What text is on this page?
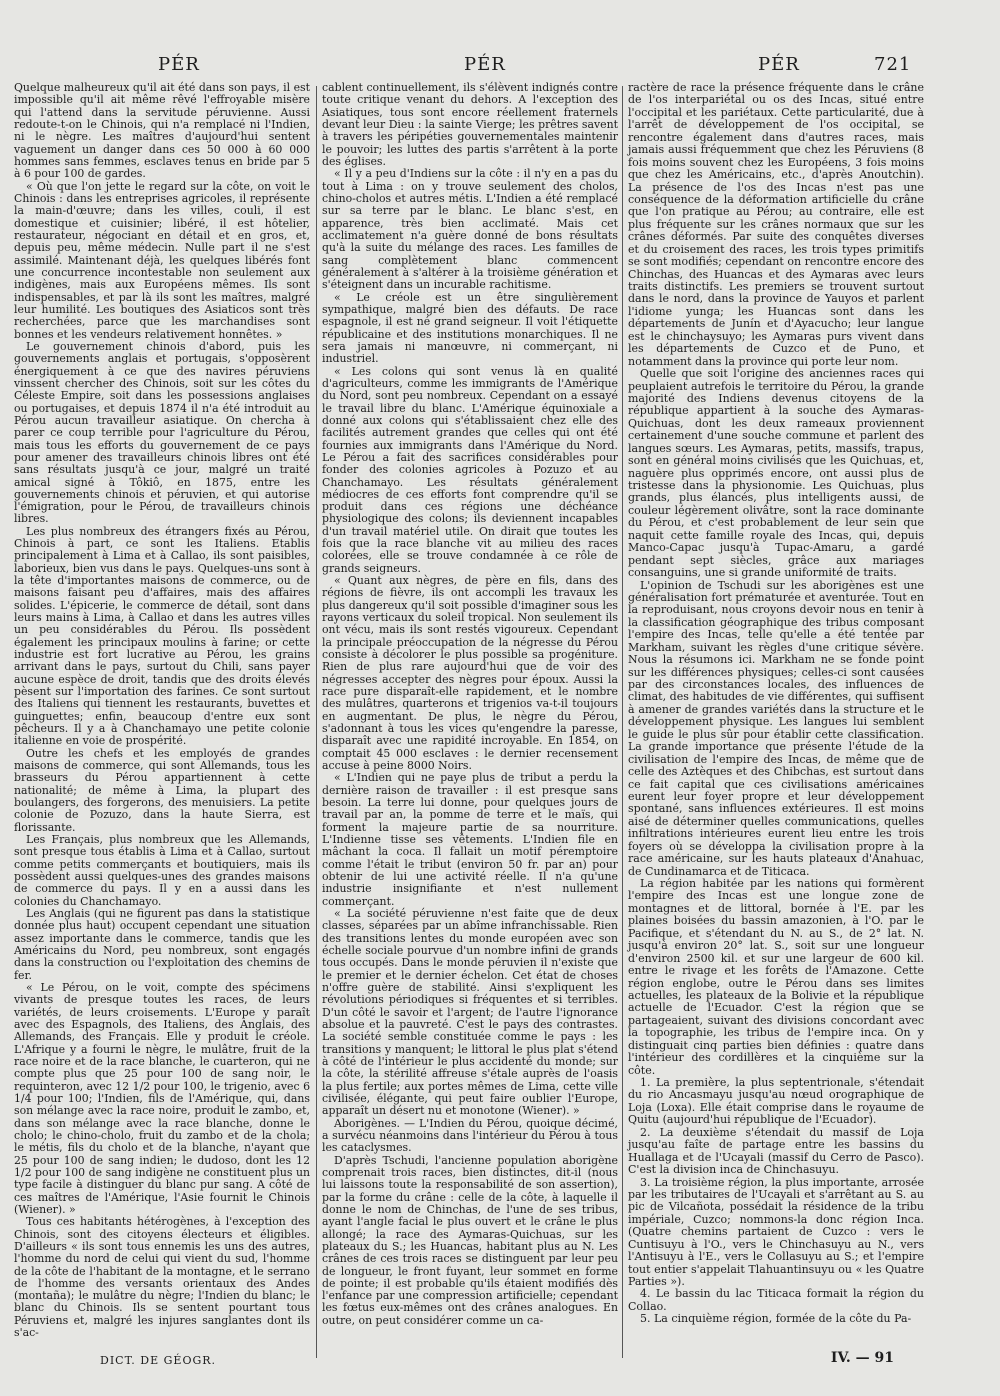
PÉR	PÉR	PÉR	721

Quelque malheureux qu'il ait été dans son pays, il est impossible qu'il ait même rêvé l'effroyable misère qui l'attend dans la servitude péruvienne. Aussi redoute-t-on le Chinois, qui n'a remplacé ni l'Indien, ni le nègre. Les maîtres d'aujourd'hui sentent vaguement un danger dans ces 50 000 à 60 000 hommes sans femmes, esclaves tenus en bride par 5 à 6 pour 100 de gardes.

« Où que l'on jette le regard sur la côte, on voit le Chinois : dans les entreprises agricoles, il représente la main-d'œuvre; dans les villes, couli, il est domestique et cuisinier; libéré, il est hôtelier, restaurateur, négociant en détail et en gros, et, depuis peu, même médecin. Nulle part il ne s'est assimilé. Maintenant déjà, les quelques libérés font une concurrence incontestable non seulement aux indigènes, mais aux Européens mêmes. Ils sont indispensables, et par là ils sont les maîtres, malgré leur humilité. Les boutiques des Asiaticos sont très recherchées, parce que les marchandises sont bonnes et les vendeurs relativement honnêtes. »

Le gouvernement chinois d'abord, puis les gouvernements anglais et portugais, s'opposèrent énergiquement à ce que des navires péruviens vinssent chercher des Chinois, soit sur les côtes du Céleste Empire, soit dans les possessions anglaises ou portugaises, et depuis 1874 il n'a été introduit au Pérou aucun travailleur asiatique. On chercha à parer ce coup terrible pour l'agriculture du Pérou, mais tous les efforts du gouvernement de ce pays pour amener des travailleurs chinois libres ont été sans résultats jusqu'à ce jour, malgré un traité amical signé à Tôkiô, en 1875, entre les gouvernements chinois et péruvien, et qui autorise l'émigration, pour le Pérou, de travailleurs chinois libres.

Les plus nombreux des étrangers fixés au Pérou, Chinois à part, ce sont les Italiens. Etablis principalement à Lima et à Callao, ils sont paisibles, laborieux, bien vus dans le pays. Quelques-uns sont à la tête d'importantes maisons de commerce, ou de maisons faisant peu d'affaires, mais des affaires solides. L'épicerie, le commerce de détail, sont dans leurs mains à Lima, à Callao et dans les autres villes un peu considérables du Pérou. Ils possèdent également les principaux moulins à farine; or cette industrie est fort lucrative au Pérou, les grains arrivant dans le pays, surtout du Chili, sans payer aucune espèce de droit, tandis que des droits élevés pèsent sur l'importation des farines. Ce sont surtout des Italiens qui tiennent les restaurants, buvettes et guinguettes; enfin, beaucoup d'entre eux sont pêcheurs. Il y a à Chanchamayo une petite colonie italienne en voie de prospérité.

Outre les chefs et les employés de grandes maisons de commerce, qui sont Allemands, tous les brasseurs du Pérou appartiennent à cette nationalité; de même à Lima, la plupart des boulangers, des forgerons, des menuisiers. La petite colonie de Pozuzo, dans la haute Sierra, est florissante.

Les Français, plus nombreux que les Allemands, sont presque tous établis à Lima et à Callao, surtout comme petits commerçants et boutiquiers, mais ils possèdent aussi quelques-unes des grandes maisons de commerce du pays. Il y en a aussi dans les colonies du Chanchamayo.

Les Anglais (qui ne figurent pas dans la statistique donnée plus haut) occupent cependant une situation assez importante dans le commerce, tandis que les Américains du Nord, peu nombreux, sont engagés dans la construction ou l'exploitation des chemins de fer.

« Le Pérou, on le voit, compte des spécimens vivants de presque toutes les races, de leurs variétés, de leurs croisements. L'Europe y paraît avec des Espagnols, des Italiens, des Anglais, des Allemands, des Français. Elle y produit le créole. L'Afrique y a fourni le nègre, le mulâtre, fruit de la race noire et de la race blanche, le cuarteron, qui ne compte plus que 25 pour 100 de sang noir, le requinteron, avec 12 1/2 pour 100, le trigenio, avec 6 1/4 pour 100; l'Indien, fils de l'Amérique, qui, dans son mélange avec la race noire, produit le zambo, et, dans son mélange avec la race blanche, donne le cholo; le chino-cholo, fruit du zambo et de la chola; le métis, fils du cholo et de la blanche, n'ayant que 25 pour 100 de sang indien; le dudoso, dont les 12 1/2 pour 100 de sang indigène ne constituent plus un type facile à distinguer du blanc pur sang. A côté de ces maîtres de l'Amérique, l'Asie fournit le Chinois (Wiener). »

Tous ces habitants hétérogènes, à l'exception des Chinois, sont des citoyens électeurs et éligibles. D'ailleurs « ils sont tous ennemis les uns des autres, l'homme du nord de celui qui vient du sud, l'homme de la côte de l'habitant de la montagne, et le serrano de l'homme des versants orientaux des Andes (montaña); le mulâtre du nègre; l'Indien du blanc; le blanc du Chinois. Ils se sentent pourtant tous Péruviens et, malgré les injures sanglantes dont ils s'ac-

cablent continuellement, ils s'élèvent indignés contre toute critique venant du dehors. A l'exception des Asiatiques, tous sont encore réellement fraternels devant leur Dieu : la sainte Vierge; les prêtres savent à travers les péripéties gouvernementales maintenir le pouvoir; les luttes des partis s'arrêtent à la porte des églises.

« Il y a peu d'Indiens sur la côte : il n'y en a pas du tout à Lima : on y trouve seulement des cholos, chino-cholos et autres métis. L'Indien a été remplacé sur sa terre par le blanc. Le blanc s'est, en apparence, très bien acclimaté. Mais cet acclimatement n'a guère donné de bons résultats qu'à la suite du mélange des races. Les familles de sang complètement blanc commencent généralement à s'altérer à la troisième génération et s'éteignent dans un incurable rachitisme.

« Le créole est un être singulièrement sympathique, malgré bien des défauts. De race espagnole, il est né grand seigneur. Il voit l'étiquette républicaine et des institutions monarchiques. Il ne sera jamais ni manœuvre, ni commerçant, ni industriel.

« Les colons qui sont venus là en qualité d'agriculteurs, comme les immigrants de l'Amérique du Nord, sont peu nombreux. Cependant on a essayé le travail libre du blanc. L'Amérique équinoxiale a donné aux colons qui s'établissaient chez elle des facilités autrement grandes que celles qui ont été fournies aux immigrants dans l'Amérique du Nord. Le Pérou a fait des sacrifices considérables pour fonder des colonies agricoles à Pozuzo et au Chanchamayo. Les résultats généralement médiocres de ces efforts font comprendre qu'il se produit dans ces régions une déchéance physiologique des colons; ils deviennent incapables d'un travail matériel utile. On dirait que toutes les fois que la race blanche vit au milieu des races colorées, elle se trouve condamnée à ce rôle de grands seigneurs.

« Quant aux nègres, de père en fils, dans des régions de fièvre, ils ont accompli les travaux les plus dangereux qu'il soit possible d'imaginer sous les rayons verticaux du soleil tropical. Non seulement ils ont vécu, mais ils sont restés vigoureux. Cependant la principale préoccupation de la négresse du Pérou consiste à décolorer le plus possible sa progéniture. Rien de plus rare aujourd'hui que de voir des négresses accepter des nègres pour époux. Aussi la race pure disparaît-elle rapidement, et le nombre des mulâtres, quarterons et trigenios va-t-il toujours en augmentant. De plus, le nègre du Pérou, s'adonnant à tous les vices qu'engendre la paresse, disparaît avec une rapidité incroyable. En 1854, on comptait 45 000 esclaves : le dernier recensement accuse à peine 8000 Noirs.

« L'Indien qui ne paye plus de tribut a perdu la dernière raison de travailler : il est presque sans besoin. La terre lui donne, pour quelques jours de travail par an, la pomme de terre et le maïs, qui forment la majeure partie de sa nourriture. L'Indienne tisse ses vêtements. L'Indien file en mâchant la coca. Il fallait un motif péremptoire comme l'était le tribut (environ 50 fr. par an) pour obtenir de lui une activité réelle. Il n'a qu'une industrie insignifiante et n'est nullement commerçant.

« La société péruvienne n'est faite que de deux classes, séparées par un abîme infranchissable. Rien des transitions lentes du monde européen avec son échelle sociale pourvue d'un nombre infini de grands tous occupés. Dans le monde péruvien il n'existe que le premier et le dernier échelon. Cet état de choses n'offre guère de stabilité. Ainsi s'expliquent les révolutions périodiques si fréquentes et si terribles. D'un côté le savoir et l'argent; de l'autre l'ignorance absolue et la pauvreté. C'est le pays des contrastes. La société semble constituée comme le pays : les transitions y manquent; le littoral le plus plat s'étend à côté de l'intérieur le plus accidenté du monde; sur la côte, la stérilité affreuse s'étale auprès de l'oasis la plus fertile; aux portes mêmes de Lima, cette ville civilisée, élégante, qui peut faire oublier l'Europe, apparaît un désert nu et monotone (Wiener). »

Aborigènes. — L'Indien du Pérou, quoique décimé, a survécu néanmoins dans l'intérieur du Pérou à tous les cataclysmes.

D'après Tschudi, l'ancienne population aborigène comprenait trois races, bien distinctes, dit-il (nous lui laissons toute la responsabilité de son assertion), par la forme du crâne : celle de la côte, à laquelle il donne le nom de Chinchas, de l'une de ses tribus, ayant l'angle facial le plus ouvert et le crâne le plus allongé; la race des Aymaras-Quichuas, sur les plateaux du S.; les Huancas, habitant plus au N. Les crânes de ces trois races se distinguent par leur peu de longueur, le front fuyant, leur sommet en forme de pointe; il est probable qu'ils étaient modifiés dès l'enfance par une compression artificielle; cependant les fœtus eux-mêmes ont des crânes analogues. En outre, on peut considérer comme un ca-

ractère de race la présence fréquente dans le crâne de l'os interpariétal ou os des Incas, situé entre l'occipital et les pariétaux. Cette particularité, due à l'arrêt de développement de l'os occipital, se rencontre également dans d'autres races, mais jamais aussi fréquemment que chez les Péruviens (8 fois moins souvent chez les Européens, 3 fois moins que chez les Américains, etc., d'après Anoutchin). La présence de l'os des Incas n'est pas une conséquence de la déformation artificielle du crâne que l'on pratique au Pérou; au contraire, elle est plus fréquente sur les crânes normaux que sur les crânes déformés. Par suite des conquêtes diverses et du croisement des races, les trois types primitifs se sont modifiés; cependant on rencontre encore des Chinchas, des Huancas et des Aymaras avec leurs traits distinctifs. Les premiers se trouvent surtout dans le nord, dans la province de Yauyos et parlent l'idiome yunga; les Huancas sont dans les départements de Junín et d'Ayacucho; leur langue est le chinchaysuyo; les Aymaras purs vivent dans les départements de Cuzco et de Puno, et notamment dans la province qui porte leur nom.

Quelle que soit l'origine des anciennes races qui peuplaient autrefois le territoire du Pérou, la grande majorité des Indiens devenus citoyens de la république appartient à la souche des Aymaras-Quichuas, dont les deux rameaux proviennent certainement d'une souche commune et parlent des langues sœurs. Les Aymaras, petits, massifs, trapus, sont en général moins civilisés que les Quichuas, et, naguère plus opprimés encore, ont aussi plus de tristesse dans la physionomie. Les Quichuas, plus grands, plus élancés, plus intelligents aussi, de couleur légèrement olivâtre, sont la race dominante du Pérou, et c'est probablement de leur sein que naquit cette famille royale des Incas, qui, depuis Manco-Capac jusqu'à Tupac-Amaru, a gardé pendant sept siècles, grâce aux mariages consanguins, une si grande uniformité de traits.

L'opinion de Tschudi sur les aborigènes est une généralisation fort prématurée et aventurée. Tout en la reproduisant, nous croyons devoir nous en tenir à la classification géographique des tribus composant l'empire des Incas, telle qu'elle a été tentée par Markham, suivant les règles d'une critique sévère. Nous la résumons ici. Markham ne se fonde point sur les différences physiques; celles-ci sont causées par des circonstances locales, des influences de climat, des habitudes de vie différentes, qui suffisent à amener de grandes variétés dans la structure et le développement physique. Les langues lui semblent le guide le plus sûr pour établir cette classification. La grande importance que présente l'étude de la civilisation de l'empire des Incas, de même que de celle des Aztèques et des Chibchas, est surtout dans ce fait capital que ces civilisations américaines eurent leur foyer propre et leur développement spontané, sans influences extérieures. Il est moins aisé de déterminer quelles communications, quelles infiltrations intérieures eurent lieu entre les trois foyers où se développa la civilisation propre à la race américaine, sur les hauts plateaux d'Anahuac, de Cundinamarca et de Titicaca.

La région habitée par les nations qui formèrent l'empire des Incas est une longue zone de montagnes et de littoral, bornée à l'E. par les plaines boisées du bassin amazonien, à l'O. par le Pacifique, et s'étendant du N. au S., de 2° lat. N. jusqu'à environ 20° lat. S., soit sur une longueur d'environ 2500 kil. et sur une largeur de 600 kil. entre le rivage et les forêts de l'Amazone. Cette région englobe, outre le Pérou dans ses limites actuelles, les plateaux de la Bolivie et la république actuelle de l'Ecuador. C'est la région que se partageaient, suivant des divisions concordant avec la topographie, les tribus de l'empire inca. On y distinguait cinq parties bien définies : quatre dans l'intérieur des cordillères et la cinquième sur la côte.

1. La première, la plus septentrionale, s'étendait du rio Ancasmayu jusqu'au nœud orographique de Loja (Loxa). Elle était comprise dans le royaume de Quitu (aujourd'hui république de l'Ecuador).

2. La deuxième s'étendait du massif de Loja jusqu'au faîte de partage entre les bassins du Huallaga et de l'Ucayali (massif du Cerro de Pasco). C'est la division inca de Chinchasuyu.

3. La troisième région, la plus importante, arrosée par les tributaires de l'Ucayali et s'arrêtant au S. au pic de Vilcañota, possédait la résidence de la tribu impériale, Cuzco; nommons-la donc région Inca. (Quatre chemins partaient de Cuzco : vers le Cuntisuyu à l'O., vers le Chinchasuyu au N., vers l'Antisuyu à l'E., vers le Collasuyu au S.; et l'empire tout entier s'appelait Tlahuantinsuyu ou « les Quatre Parties »).

4. Le bassin du lac Titicaca formait la région du Collao.

5. La cinquième région, formée de la côte du Pa-

DICT. DE GÉOGR.	IV. — 91
